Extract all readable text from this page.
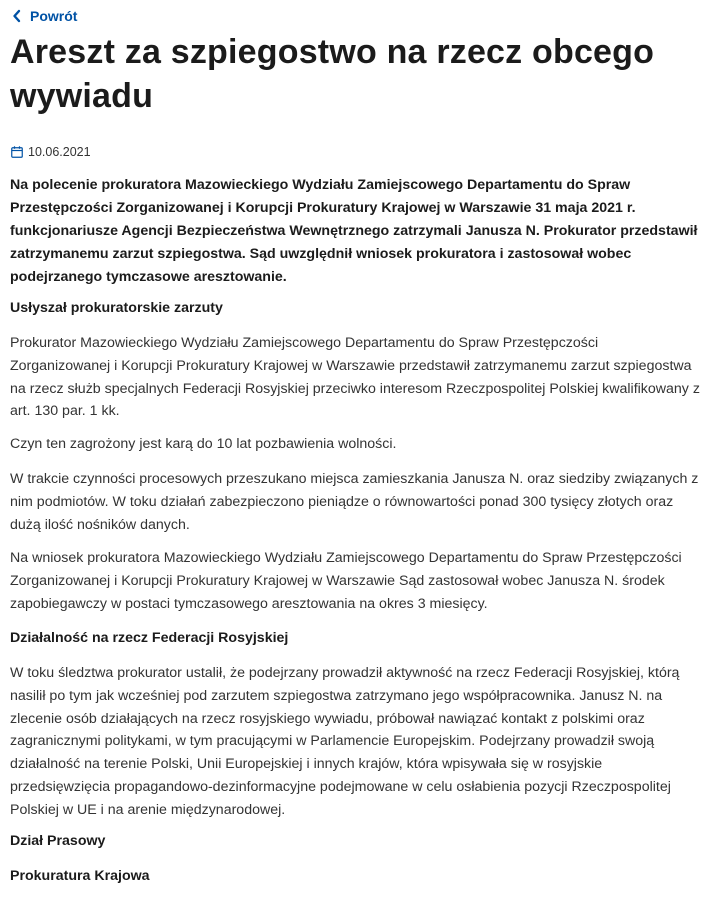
Powrót
Areszt za szpiegostwo na rzecz obcego wywiadu
10.06.2021

Na polecenie prokuratora Mazowieckiego Wydziału Zamiejscowego Departamentu do Spraw Przestępczości Zorganizowanej i Korupcji Prokuratury Krajowej w Warszawie 31 maja 2021 r. funkcjonariusze Agencji Bezpieczeństwa Wewnętrznego zatrzymali Janusza N. Prokurator przedstawił zatrzymanemu zarzut szpiegostwa. Sąd uwzględnił wniosek prokuratora i zastosował wobec podejrzanego tymczasowe aresztowanie.

Usłyszał prokuratorskie zarzuty

Prokurator Mazowieckiego Wydziału Zamiejscowego Departamentu do Spraw Przestępczości Zorganizowanej i Korupcji Prokuratury Krajowej w Warszawie przedstawił zatrzymanemu zarzut szpiegostwa na rzecz służb specjalnych Federacji Rosyjskiej przeciwko interesom Rzeczpospolitej Polskiej kwalifikowany z art. 130 par. 1 kk.

Czyn ten zagrożony jest karą do 10 lat pozbawienia wolności.

W trakcie czynności procesowych przeszukano miejsca zamieszkania Janusza N. oraz siedziby związanych z nim podmiotów. W toku działań zabezpieczono pieniądze o równowartości ponad 300 tysięcy złotych oraz dużą ilość nośników danych.

Na wniosek prokuratora Mazowieckiego Wydziału Zamiejscowego Departamentu do Spraw Przestępczości Zorganizowanej i Korupcji Prokuratury Krajowej w Warszawie Sąd zastosował wobec Janusza N. środek zapobiegawczy w postaci tymczasowego aresztowania na okres 3 miesięcy.

Działalność na rzecz Federacji Rosyjskiej

W toku śledztwa prokurator ustalił, że podejrzany prowadził aktywność na rzecz Federacji Rosyjskiej, którą nasilił po tym jak wcześniej pod zarzutem szpiegostwa zatrzymano jego współpracownika. Janusz N. na zlecenie osób działających na rzecz rosyjskiego wywiadu, próbował nawiązać kontakt z polskimi oraz zagranicznymi politykami, w tym pracującymi w Parlamencie Europejskim. Podejrzany prowadził swoją działalność na terenie Polski, Unii Europejskiej i innych krajów, która wpisywała się w rosyjskie przedsięwzięcia propagandowo-dezinformacyjne podejmowane w celu osłabienia pozycji Rzeczpospolitej Polskiej w UE i na arenie międzynarodowej.

Dział Prasowy

Prokuratura Krajowa
